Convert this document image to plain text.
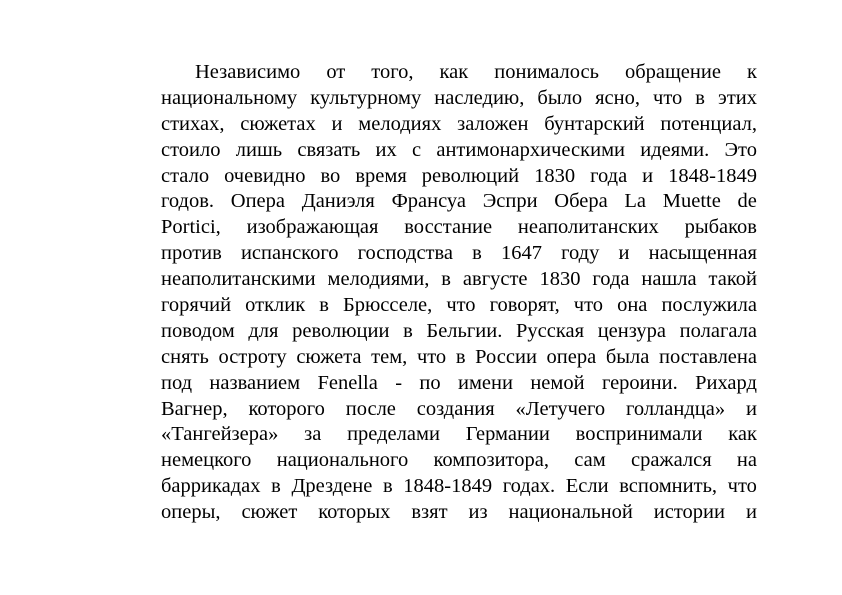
Независимо от того, как понималось обращение к
национальному культурному наследию, было ясно, что в этих
стихах, сюжетах и мелодиях заложен бунтарский потенциал,
стоило лишь связать их с антимонархическими идеями. Это
стало очевидно во время революций 1830 года и 1848-1849
годов. Опера Даниэля Франсуа Эспри Обера La Muette de
Portici, изображающая восстание неаполитанских рыбаков
против испанского господства в 1647 году и насыщенная
неаполитанскими мелодиями, в августе 1830 года нашла такой
горячий отклик в Брюсселе, что говорят, что она послужила
поводом для революции в Бельгии. Русская цензура полагала
снять остроту сюжета тем, что в России опера была поставлена
под названием Fenella - по имени немой героини. Рихард
Вагнер, которого после создания «Летучего голландца» и
«Тангейзера» за пределами Германии воспринимали как
немецкого национального композитора, сам сражался на
баррикадах в Дрездене в 1848-1849 годах. Если вспомнить, что
оперы, сюжет которых взят из национальной истории и
